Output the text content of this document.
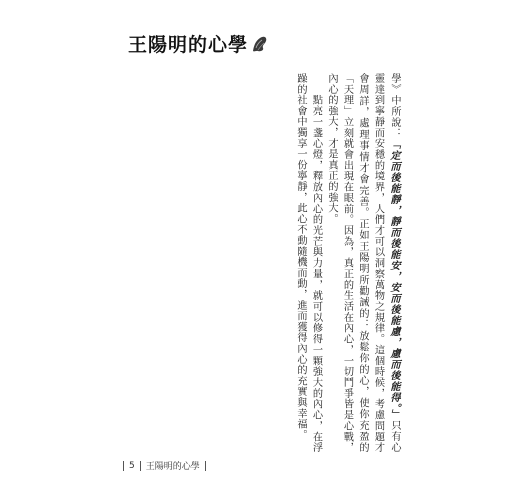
王陽明的心學

學》中所說：「定而後能靜，靜而後能安，安而後能慮，慮而後能得。」只有心靈達到寧靜而安穩的境界，人們才可以洞察萬物之規律。這個時候，考慮問題才會周詳，處理事情才會完善。正如王陽明所勸誡的：放鬆你的心，使你充盈的「天理」立刻就會出現在眼前。因為，真正的生活在內心，一切鬥爭皆是心戰，內心的強大，才是真正的強大。

　　點亮一盞心燈，釋放內心的光芒與力量，就可以修得一顆強大的內心，在浮躁的社會中獨享一份寧靜，此心不動隨機而動，進而獲得內心的充實與幸福。

5 王陽明的心學
